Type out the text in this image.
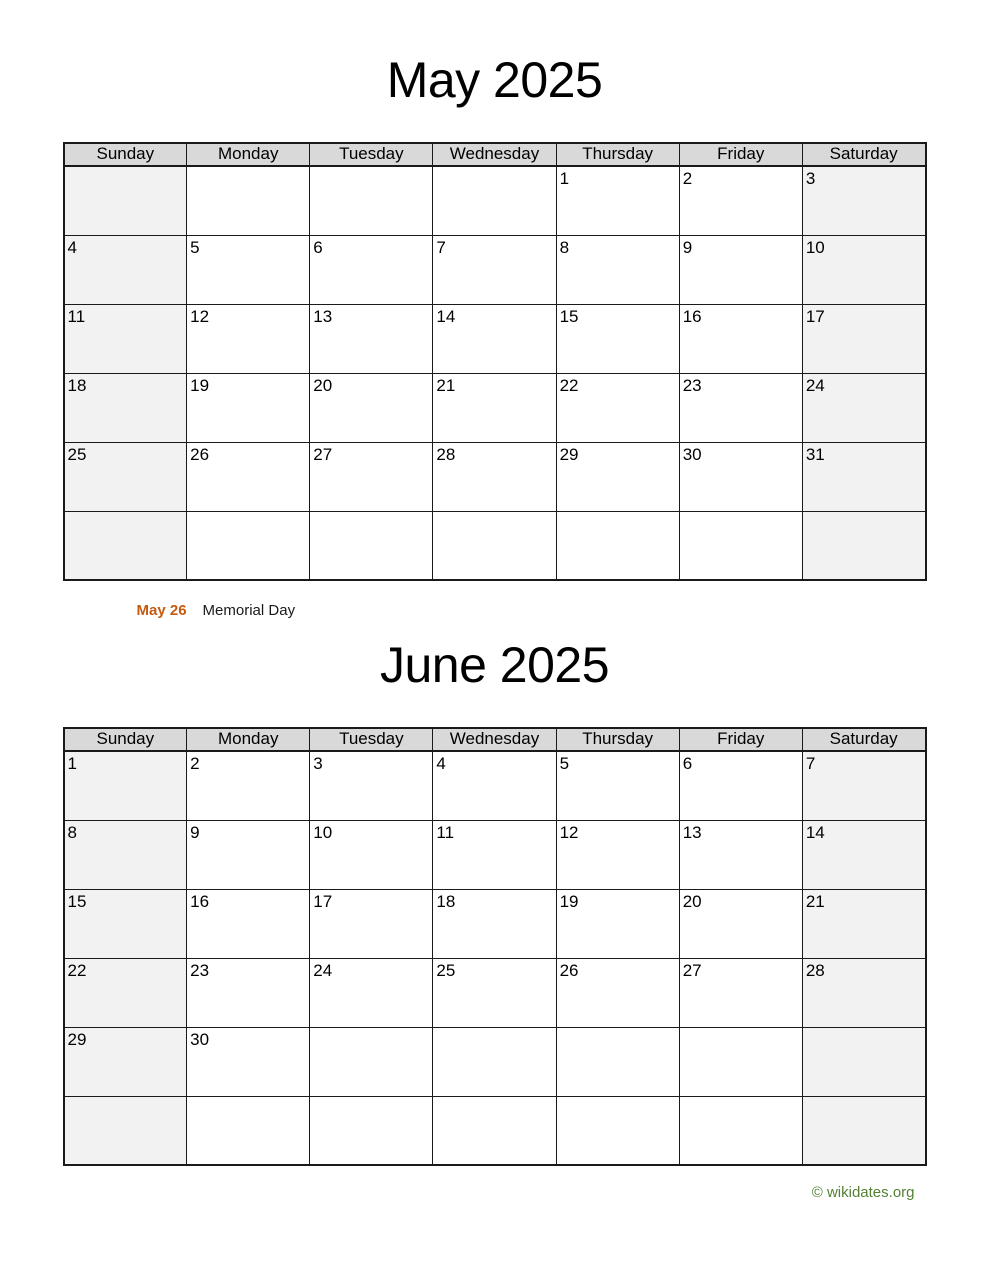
May 2025
Sunday	Monday	Tuesday	Wednesday	Thursday	Friday	Saturday
				1	2	3
4	5	6	7	8	9	10
11	12	13	14	15	16	17
18	19	20	21	22	23	24
25	26	27	28	29	30	31

May 26 Memorial Day
June 2025
Sunday	Monday	Tuesday	Wednesday	Thursday	Friday	Saturday
1	2	3	4	5	6	7
8	9	10	11	12	13	14
15	16	17	18	19	20	21
22	23	24	25	26	27	28
29	30					

© wikidates.org
